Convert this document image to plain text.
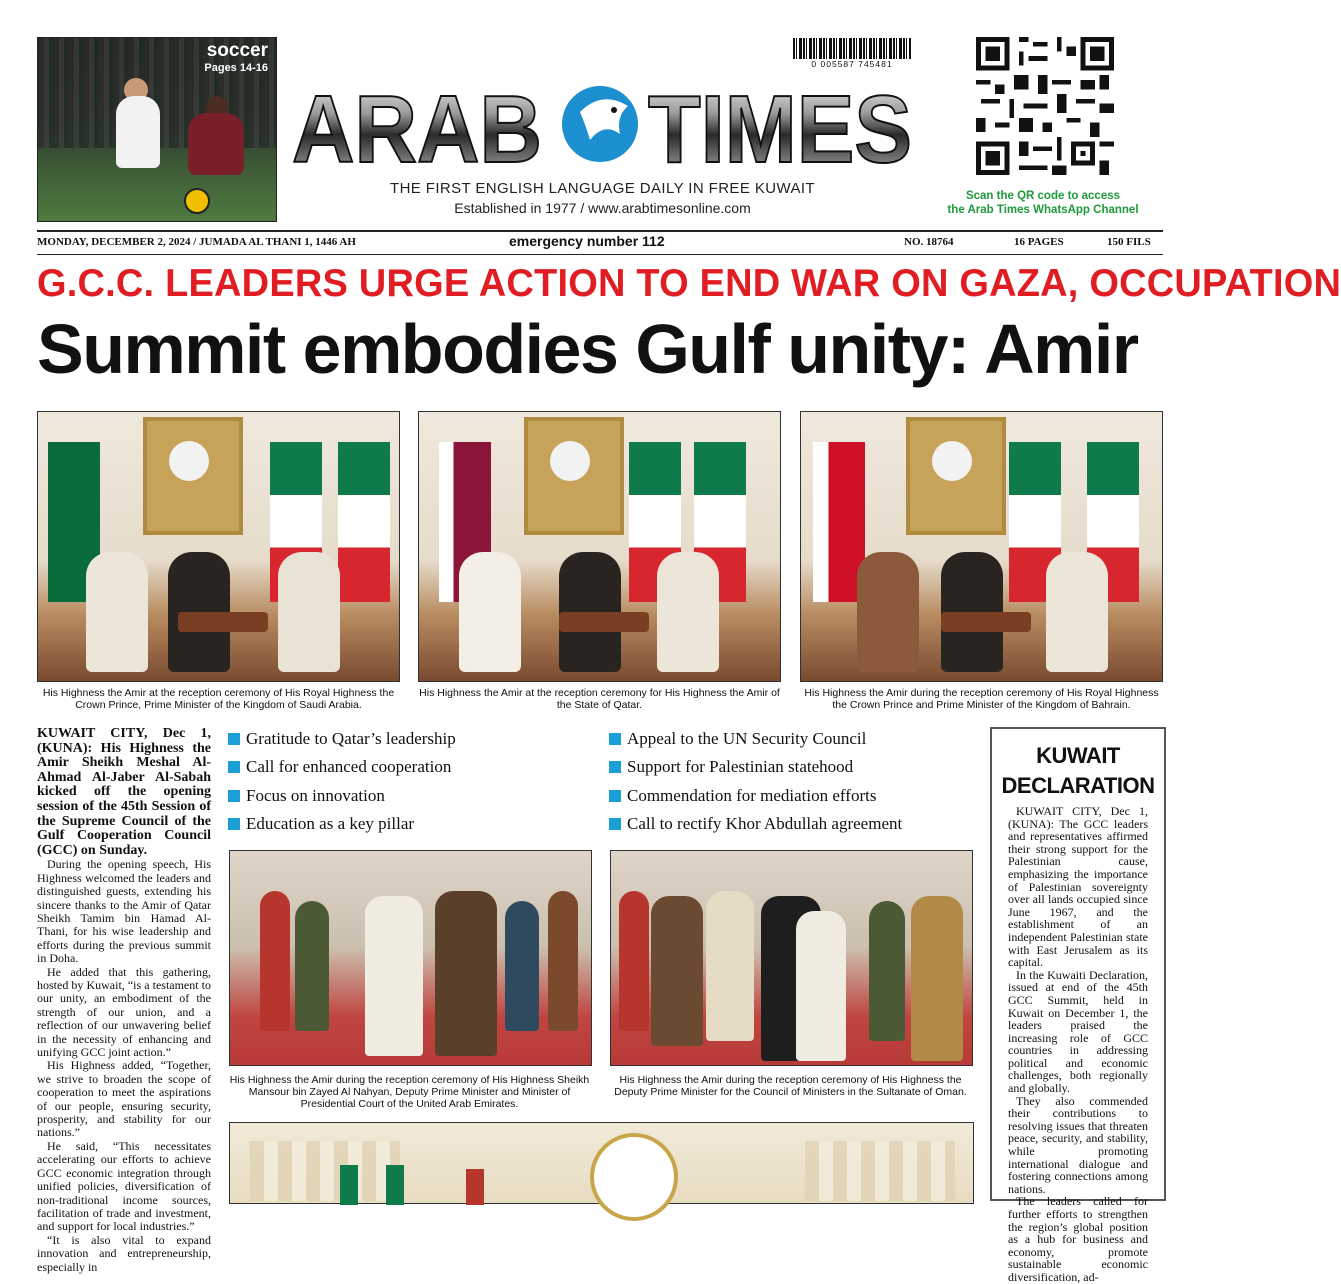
soccer
Pages 14-16	0 005587 745481
ARAB TIMES
THE FIRST ENGLISH LANGUAGE DAILY IN FREE KUWAIT
Established in 1977 / www.arabtimesonline.com
Scan the QR code to access
the Arab Times WhatsApp Channel
MONDAY, DECEMBER 2, 2024 / JUMADA AL THANI 1, 1446 AH	emergency number 112	NO. 18764	16 PAGES	150 FILS
G.C.C. LEADERS URGE ACTION TO END WAR ON GAZA, OCCUPATION
Summit embodies Gulf unity: Amir
His Highness the Amir at the reception ceremony of His Royal Highness the Crown Prince, Prime Minister of the Kingdom of Saudi Arabia.
His Highness the Amir at the reception ceremony for His Highness the Amir of the State of Qatar.
His Highness the Amir during the reception ceremony of His Royal Highness the Crown Prince and Prime Minister of the Kingdom of Bahrain.

KUWAIT CITY, Dec 1, (KUNA): His Highness the Amir Sheikh Meshal Al-Ahmad Al-Jaber Al-Sabah kicked off the opening session of the 45th Session of the Supreme Council of the Gulf Cooperation Council (GCC) on Sunday.

During the opening speech, His Highness welcomed the leaders and distinguished guests, extending his sincere thanks to the Amir of Qatar Sheikh Tamim bin Hamad Al-Thani, for his wise leadership and efforts during the previous summit in Doha.

He added that this gathering, hosted by Kuwait, “is a testament to our unity, an embodiment of the strength of our union, and a reflection of our unwavering belief in the necessity of enhancing and unifying GCC joint action.”

His Highness added, “Together, we strive to broaden the scope of cooperation to meet the aspirations of our people, ensuring security, prosperity, and stability for our nations.”

He said, “This necessitates accelerating our efforts to achieve GCC economic integration through unified policies, diversification of non-traditional income sources, facilitation of trade and investment, and support for local industries.”

“It is also vital to expand innovation and entrepreneurship, especially in

Gratitude to Qatar’s leadership
Call for enhanced cooperation
Focus on innovation
Education as a key pillar
Appeal to the UN Security Council
Support for Palestinian statehood
Commendation for mediation efforts
Call to rectify Khor Abdullah agreement
His Highness the Amir during the reception ceremony of His Highness Sheikh Mansour bin Zayed Al Nahyan, Deputy Prime Minister and Minister of Presidential Court of the United Arab Emirates.
His Highness the Amir during the reception ceremony of His Highness the Deputy Prime Minister for the Council of Ministers in the Sultanate of Oman.
KUWAIT
DECLARATION

KUWAIT CITY, Dec 1, (KUNA): The GCC leaders and representatives affirmed their strong support for the Palestinian cause, emphasizing the importance of Palestinian sovereignty over all lands occupied since June 1967, and the establishment of an independent Palestinian state with East Jerusalem as its capital.

In the Kuwaiti Declaration, issued at end of the 45th GCC Summit, held in Kuwait on December 1, the leaders praised the increasing role of GCC countries in addressing political and economic challenges, both regionally and globally.

They also commended their contributions to resolving issues that threaten peace, security, and stability, while promoting international dialogue and fostering connections among nations.

The leaders called for further efforts to strengthen the region’s global position as a hub for business and economy, promote sustainable economic diversification, ad-
